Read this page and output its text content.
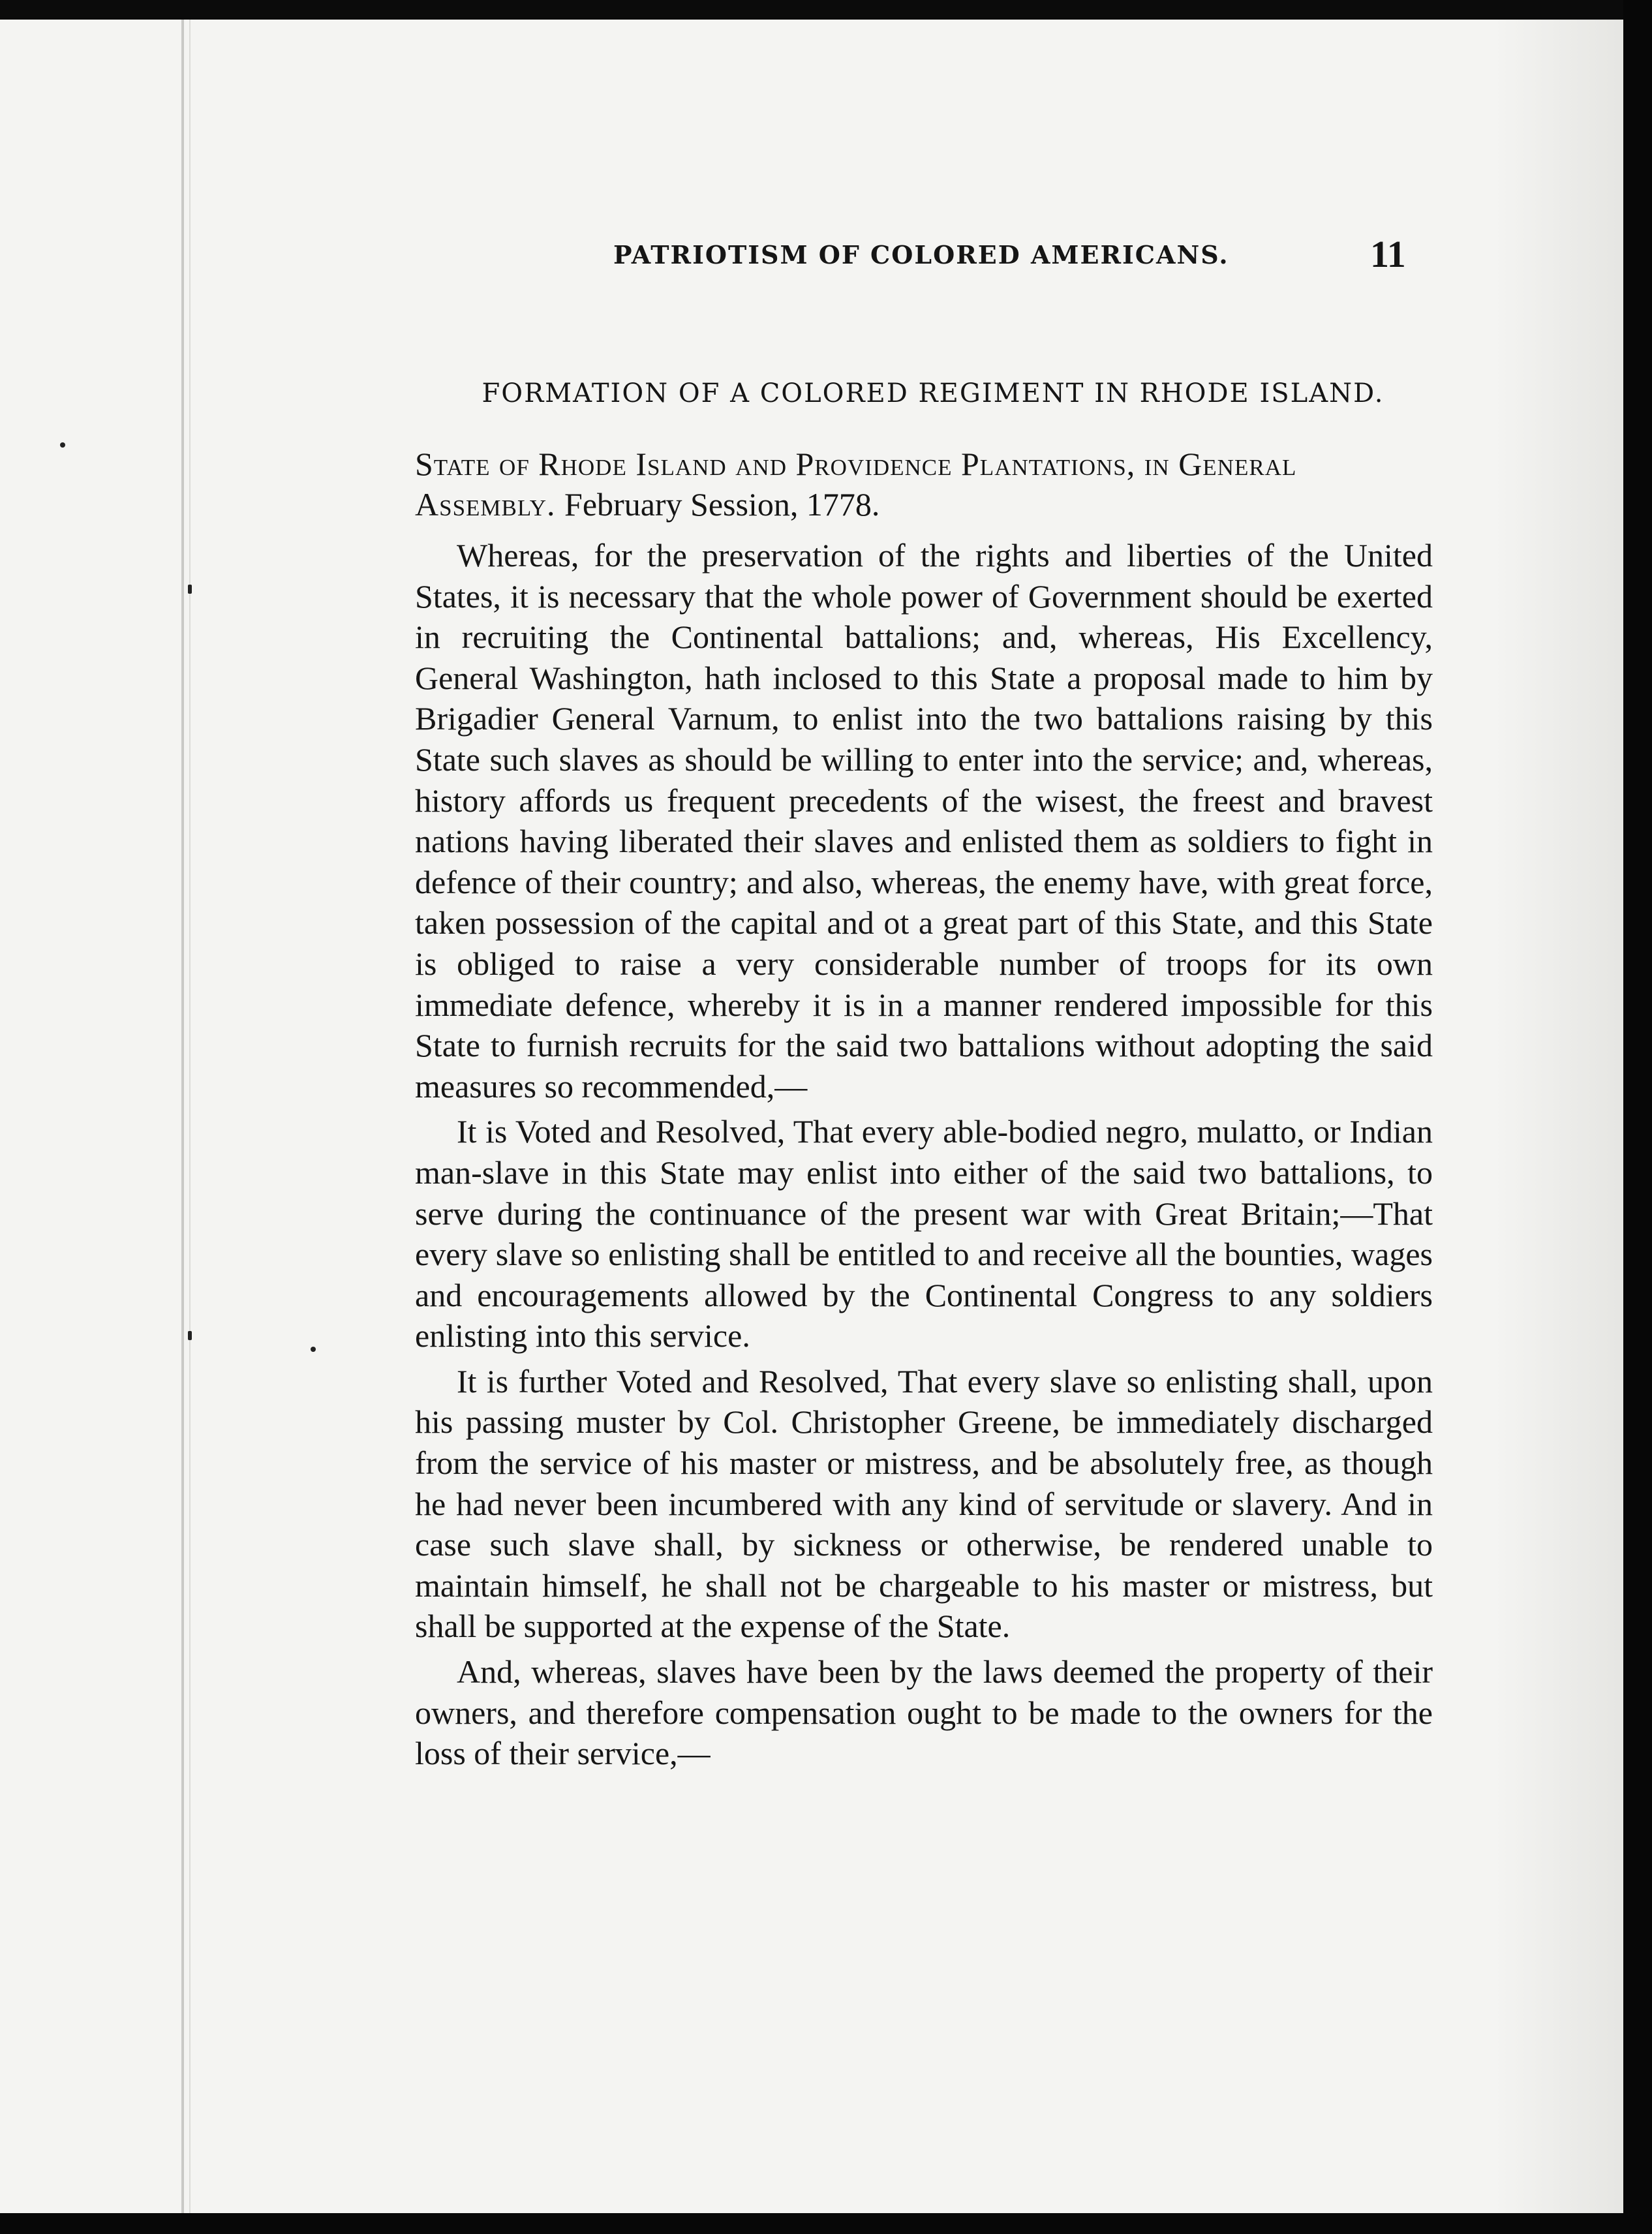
PATRIOTISM OF COLORED AMERICANS.	11
FORMATION OF A COLORED REGIMENT IN RHODE ISLAND.
State of Rhode Island and Providence Plantations, in General Assembly. February Session, 1778.

Whereas, for the preservation of the rights and liberties of the United States, it is necessary that the whole power of Government should be exerted in recruiting the Continental battalions; and, whereas, His Excellency, General Washington, hath inclosed to this State a proposal made to him by Brigadier General Varnum, to enlist into the two battalions raising by this State such slaves as should be willing to enter into the service; and, whereas, history affords us frequent precedents of the wisest, the freest and bravest nations having liberated their slaves and enlisted them as soldiers to fight in defence of their country; and also, whereas, the enemy have, with great force, taken possession of the capital and ot a great part of this State, and this State is obliged to raise a very considerable number of troops for its own immediate defence, whereby it is in a manner rendered impossible for this State to furnish recruits for the said two battalions without adopting the said measures so recommended,—

It is Voted and Resolved, That every able-bodied negro, mulatto, or Indian man-slave in this State may enlist into either of the said two battalions, to serve during the continuance of the present war with Great Britain;—That every slave so enlisting shall be entitled to and receive all the bounties, wages and encouragements allowed by the Continental Congress to any soldiers enlisting into this service.

It is further Voted and Resolved, That every slave so enlisting shall, upon his passing muster by Col. Christopher Greene, be immediately discharged from the service of his master or mistress, and be absolutely free, as though he had never been incumbered with any kind of servitude or slavery. And in case such slave shall, by sickness or otherwise, be rendered unable to maintain himself, he shall not be chargeable to his master or mistress, but shall be supported at the expense of the State.

And, whereas, slaves have been by the laws deemed the property of their owners, and therefore compensation ought to be made to the owners for the loss of their service,—
